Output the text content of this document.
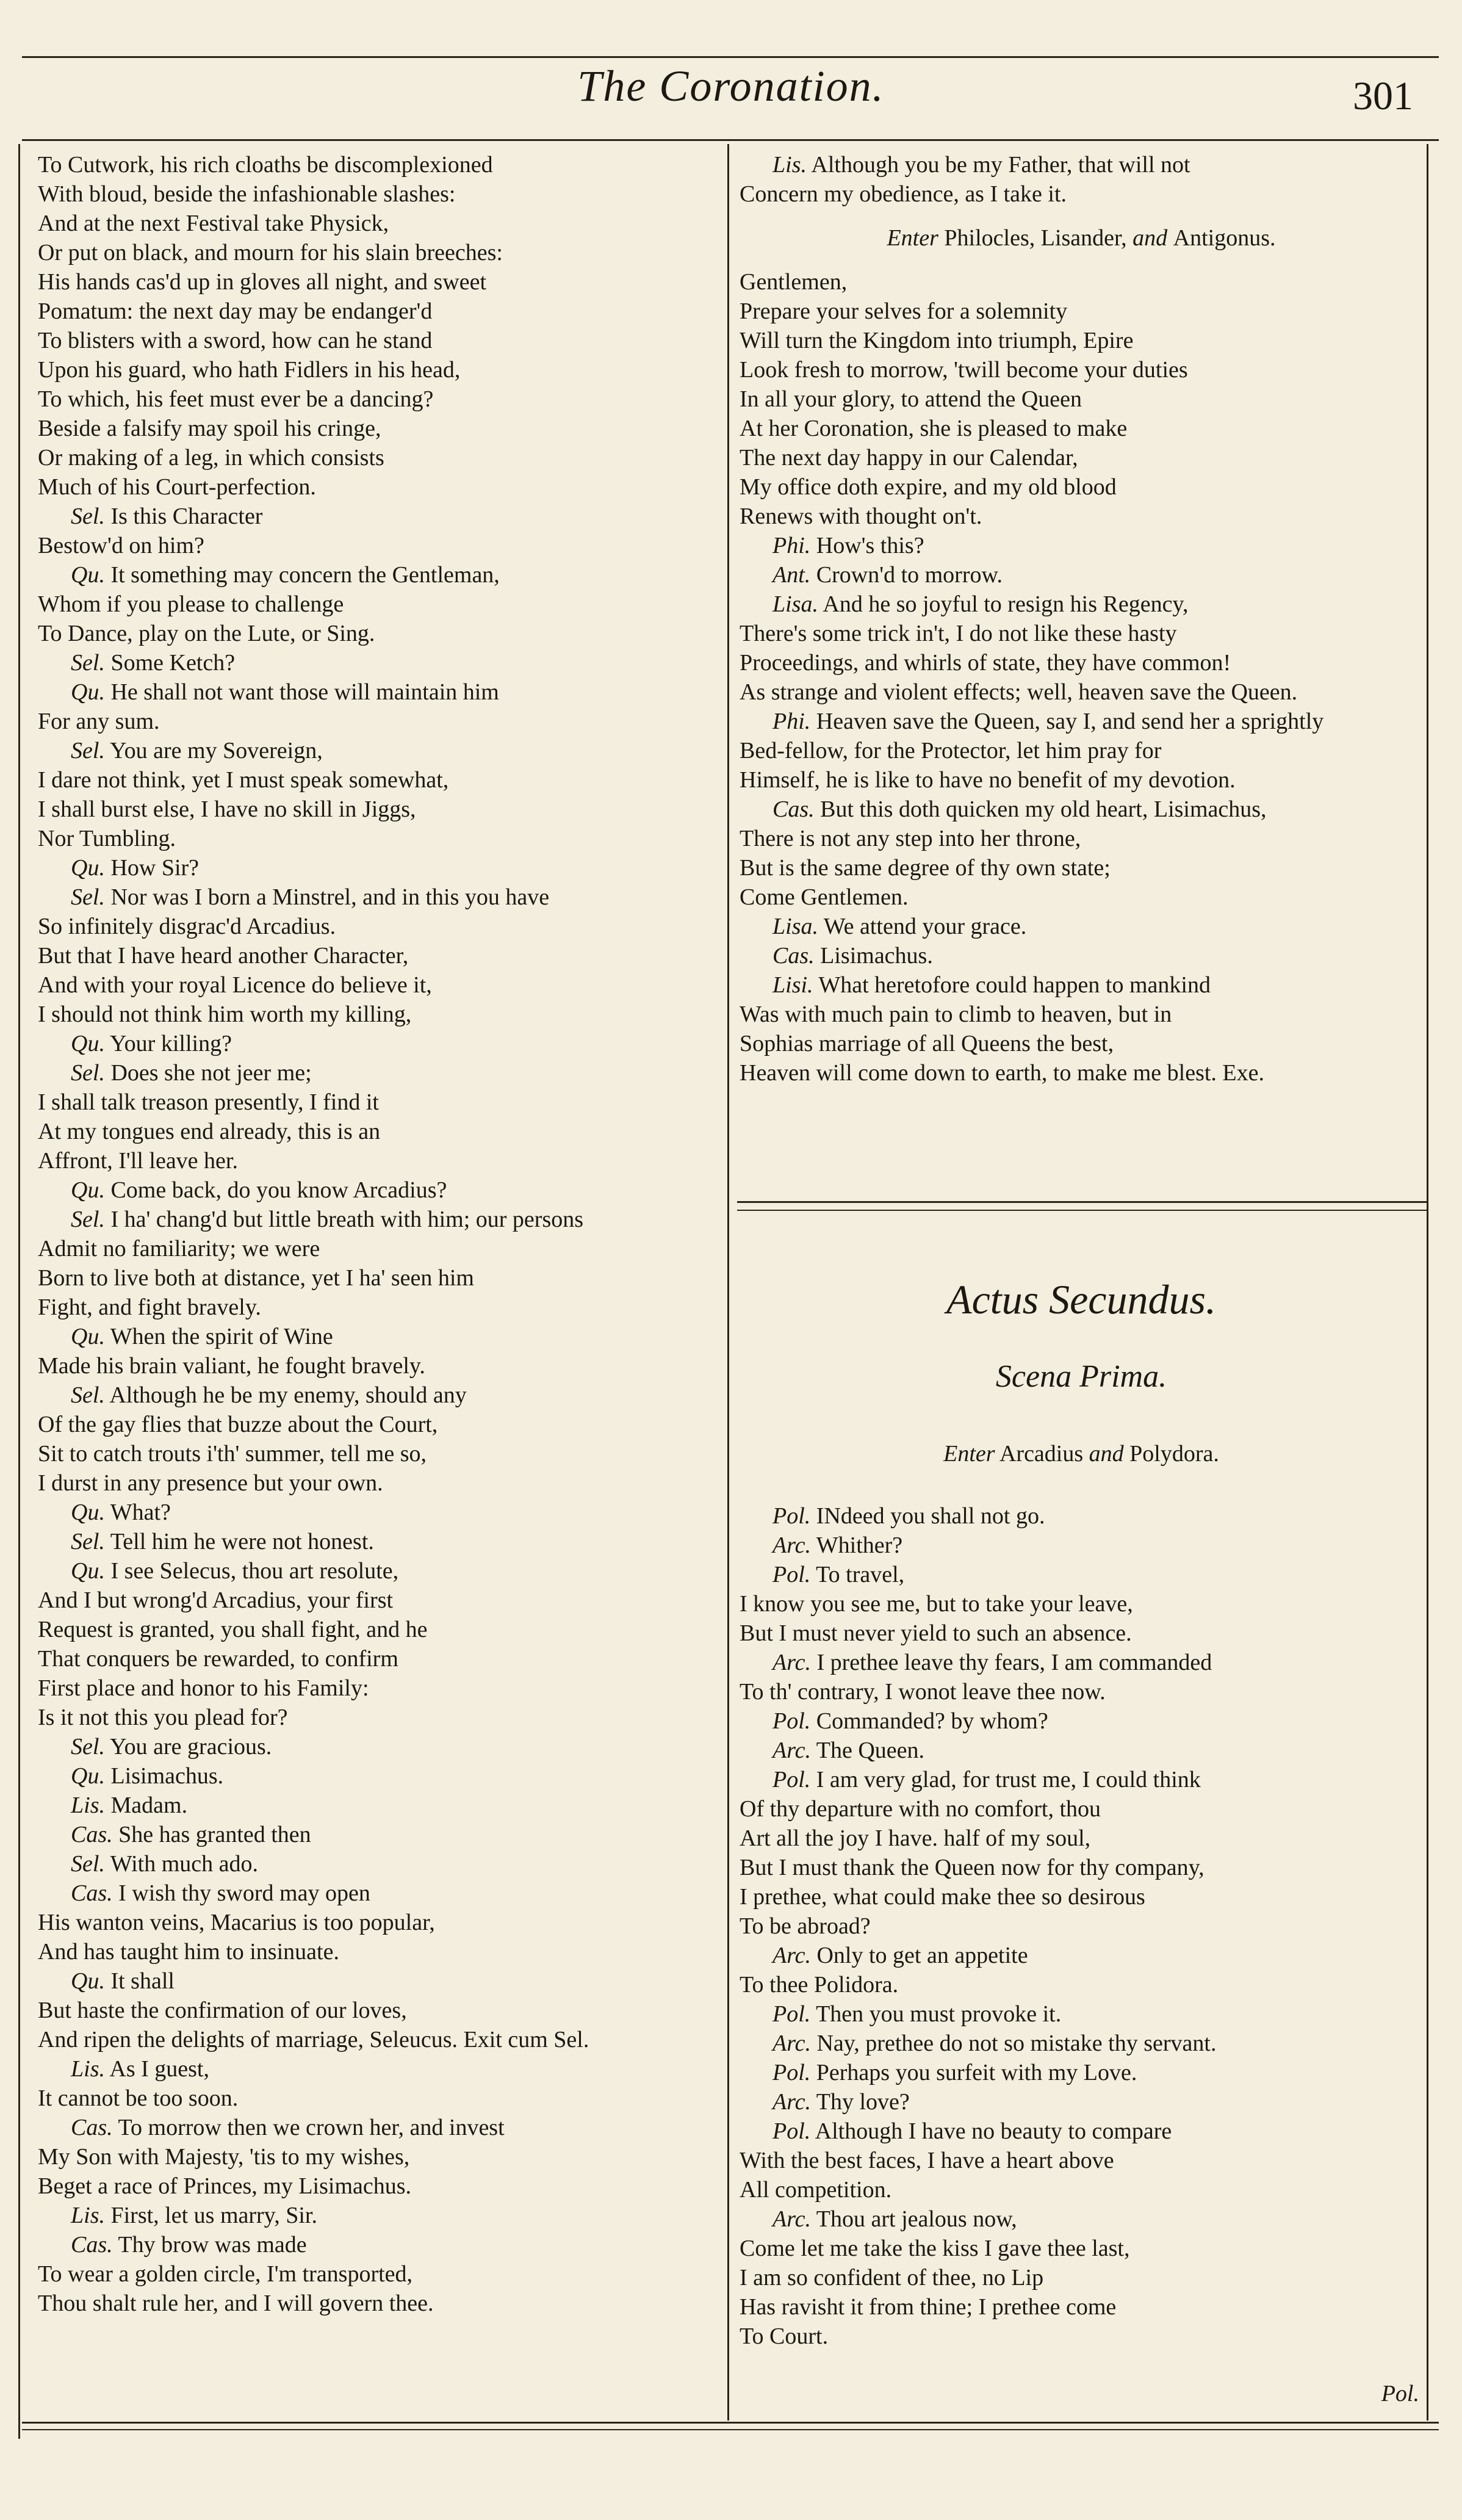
The Coronation.	301
To Cutwork, his rich cloaths be discomplexioned
With bloud, beside the infashionable slashes:
And at the next Festival take Physick,
Or put on black, and mourn for his slain breeches:
His hands cas'd up in gloves all night, and sweet
Pomatum: the next day may be endanger'd
To blisters with a sword, how can he stand
Upon his guard, who hath Fidlers in his head,
To which, his feet must ever be a dancing?
Beside a falsify may spoil his cringe,
Or making of a leg, in which consists
Much of his Court-perfection.
Sel. Is this Character
Bestow'd on him?
Qu. It something may concern the Gentleman,
Whom if you please to challenge
To Dance, play on the Lute, or Sing.
Sel. Some Ketch?
Qu. He shall not want those will maintain him
For any sum.
Sel. You are my Sovereign,
I dare not think, yet I must speak somewhat,
I shall burst else, I have no skill in Jiggs,
Nor Tumbling.
Qu. How Sir?
Sel. Nor was I born a Minstrel, and in this you have
So infinitely disgrac'd Arcadius.
But that I have heard another Character,
And with your royal Licence do believe it,
I should not think him worth my killing,
Qu. Your killing?
Sel. Does she not jeer me;
I shall talk treason presently, I find it
At my tongues end already, this is an
Affront, I'll leave her.
Qu. Come back, do you know Arcadius?
Sel. I ha' chang'd but little breath with him; our persons
Admit no familiarity; we were
Born to live both at distance, yet I ha' seen him
Fight, and fight bravely.
Qu. When the spirit of Wine
Made his brain valiant, he fought bravely.
Sel. Although he be my enemy, should any
Of the gay flies that buzze about the Court,
Sit to catch trouts i'th' summer, tell me so,
I durst in any presence but your own.
Qu. What?
Sel. Tell him he were not honest.
Qu. I see Selecus, thou art resolute,
And I but wrong'd Arcadius, your first
Request is granted, you shall fight, and he
That conquers be rewarded, to confirm
First place and honor to his Family:
Is it not this you plead for?
Sel. You are gracious.
Qu. Lisimachus.
Lis. Madam.
Cas. She has granted then
Sel. With much ado.
Cas. I wish thy sword may open
His wanton veins, Macarius is too popular,
And has taught him to insinuate.
Qu. It shall
But haste the confirmation of our loves,
And ripen the delights of marriage, Seleucus. Exit cum Sel.
Lis. As I guest,
It cannot be too soon.
Cas. To morrow then we crown her, and invest
My Son with Majesty, 'tis to my wishes,
Beget a race of Princes, my Lisimachus.
Lis. First, let us marry, Sir.
Cas. Thy brow was made
To wear a golden circle, I'm transported,
Thou shalt rule her, and I will govern thee.
Lis. Although you be my Father, that will not
Concern my obedience, as I take it.
Enter Philocles, Lisander, and Antigonus.
Gentlemen,
Prepare your selves for a solemnity
Will turn the Kingdom into triumph, Epire
Look fresh to morrow, 'twill become your duties
In all your glory, to attend the Queen
At her Coronation, she is pleased to make
The next day happy in our Calendar,
My office doth expire, and my old blood
Renews with thought on't.
Phi. How's this?
Ant. Crown'd to morrow.
Lisa. And he so joyful to resign his Regency,
There's some trick in't, I do not like these hasty
Proceedings, and whirls of state, they have common!
As strange and violent effects; well, heaven save the Queen.
Phi. Heaven save the Queen, say I, and send her a sprightly
Bed-fellow, for the Protector, let him pray for
Himself, he is like to have no benefit of my devotion.
Cas. But this doth quicken my old heart, Lisimachus,
There is not any step into her throne,
But is the same degree of thy own state;
Come Gentlemen.
Lisa. We attend your grace.
Cas. Lisimachus.
Lisi. What heretofore could happen to mankind
Was with much pain to climb to heaven, but in
Sophias marriage of all Queens the best,
Heaven will come down to earth, to make me blest. Exe.
Actus Secundus.
Scena Prima.
Enter Arcadius and Polydora.
Pol. INdeed you shall not go.
Arc. Whither?
Pol. To travel,
I know you see me, but to take your leave,
But I must never yield to such an absence.
Arc. I prethee leave thy fears, I am commanded
To th' contrary, I wonot leave thee now.
Pol. Commanded? by whom?
Arc. The Queen.
Pol. I am very glad, for trust me, I could think
Of thy departure with no comfort, thou
Art all the joy I have. half of my soul,
But I must thank the Queen now for thy company,
I prethee, what could make thee so desirous
To be abroad?
Arc. Only to get an appetite
To thee Polidora.
Pol. Then you must provoke it.
Arc. Nay, prethee do not so mistake thy servant.
Pol. Perhaps you surfeit with my Love.
Arc. Thy love?
Pol. Although I have no beauty to compare
With the best faces, I have a heart above
All competition.
Arc. Thou art jealous now,
Come let me take the kiss I gave thee last,
I am so confident of thee, no Lip
Has ravisht it from thine; I prethee come
To Court.
Pol.
